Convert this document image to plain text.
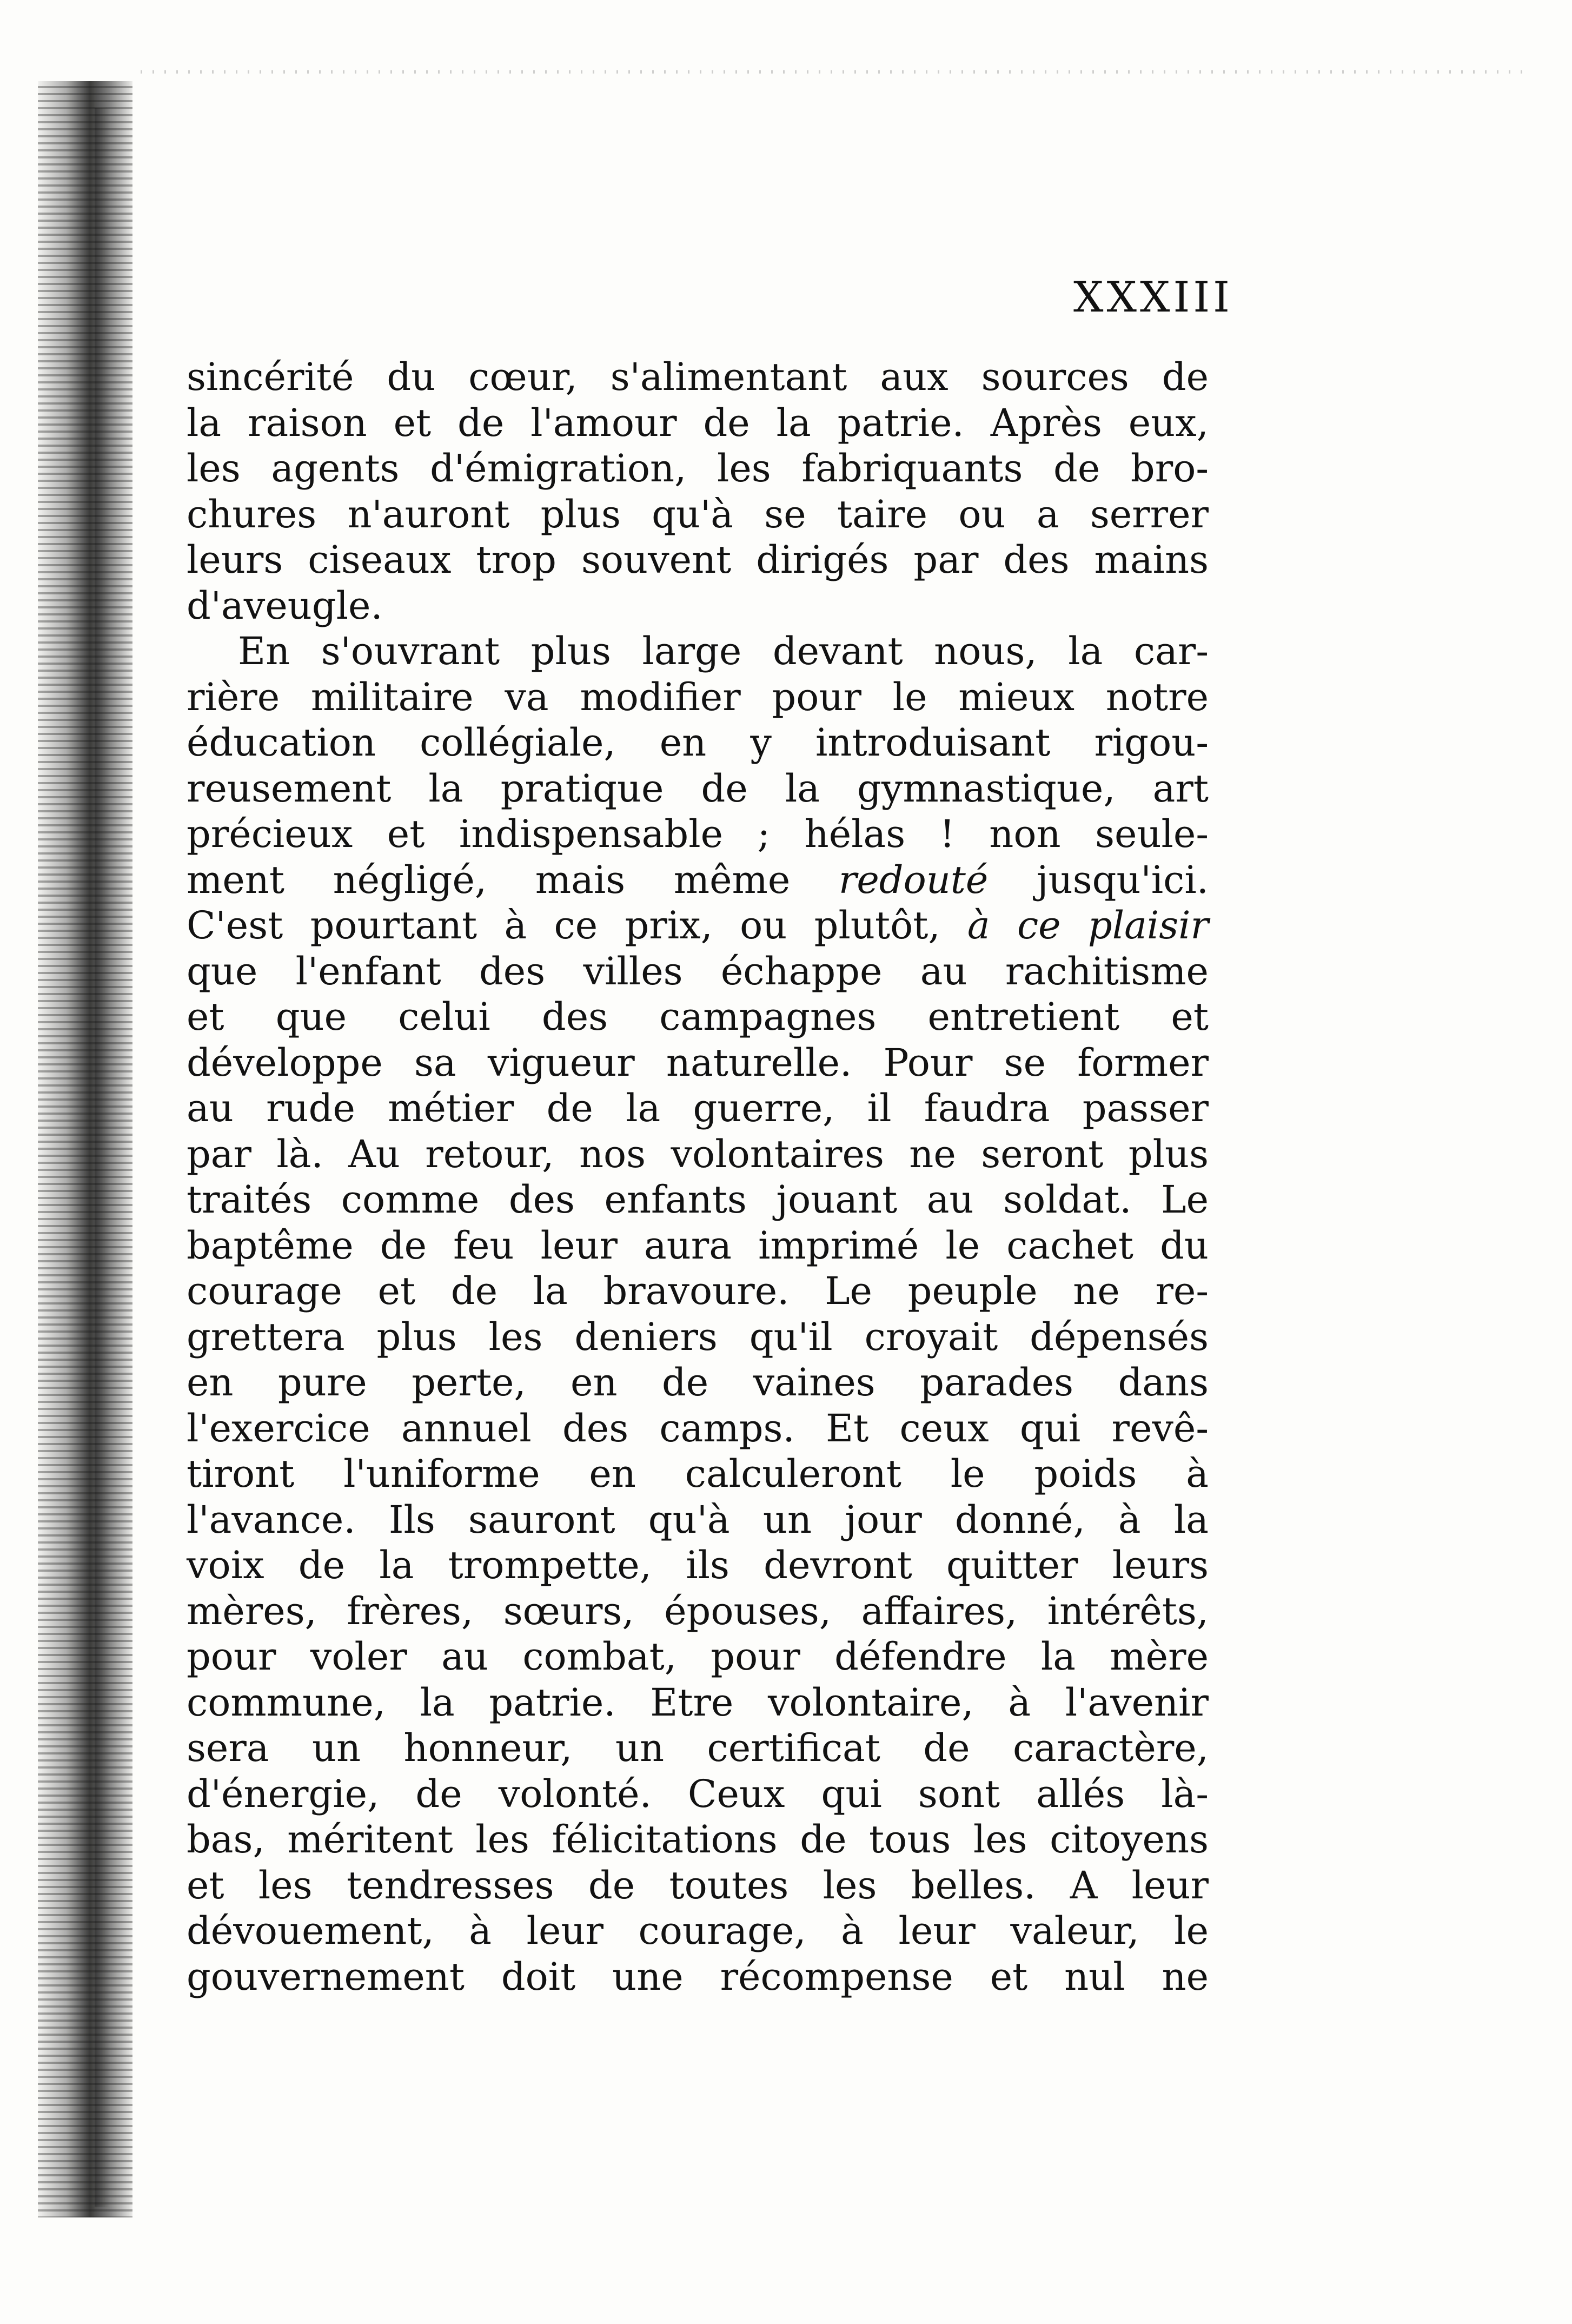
XXXIII
sincérité du cœur, s'alimentant aux sources de
la raison et de l'amour de la patrie. Après eux,
les agents d'émigration, les fabriquants de bro-
chures n'auront plus qu'à se taire ou a serrer
leurs ciseaux trop souvent dirigés par des mains
d'aveugle.
En s'ouvrant plus large devant nous, la car-
rière militaire va modifier pour le mieux notre
éducation collégiale, en y introduisant rigou-
reusement la pratique de la gymnastique, art
précieux et indispensable ; hélas ! non seule-
ment négligé, mais même redouté jusqu'ici.
C'est pourtant à ce prix, ou plutôt, à ce plaisir
que l'enfant des villes échappe au rachitisme
et que celui des campagnes entretient et
développe sa vigueur naturelle. Pour se former
au rude métier de la guerre, il faudra passer
par là. Au retour, nos volontaires ne seront plus
traités comme des enfants jouant au soldat. Le
baptême de feu leur aura imprimé le cachet du
courage et de la bravoure. Le peuple ne re-
grettera plus les deniers qu'il croyait dépensés
en pure perte, en de vaines parades dans
l'exercice annuel des camps. Et ceux qui revê-
tiront l'uniforme en calculeront le poids à
l'avance. Ils sauront qu'à un jour donné, à la
voix de la trompette, ils devront quitter leurs
mères, frères, sœurs, épouses, affaires, intérêts,
pour voler au combat, pour défendre la mère
commune, la patrie. Etre volontaire, à l'avenir
sera un honneur, un certificat de caractère,
d'énergie, de volonté. Ceux qui sont allés là-
bas, méritent les félicitations de tous les citoyens
et les tendresses de toutes les belles. A leur
dévouement, à leur courage, à leur valeur, le
gouvernement doit une récompense et nul ne
